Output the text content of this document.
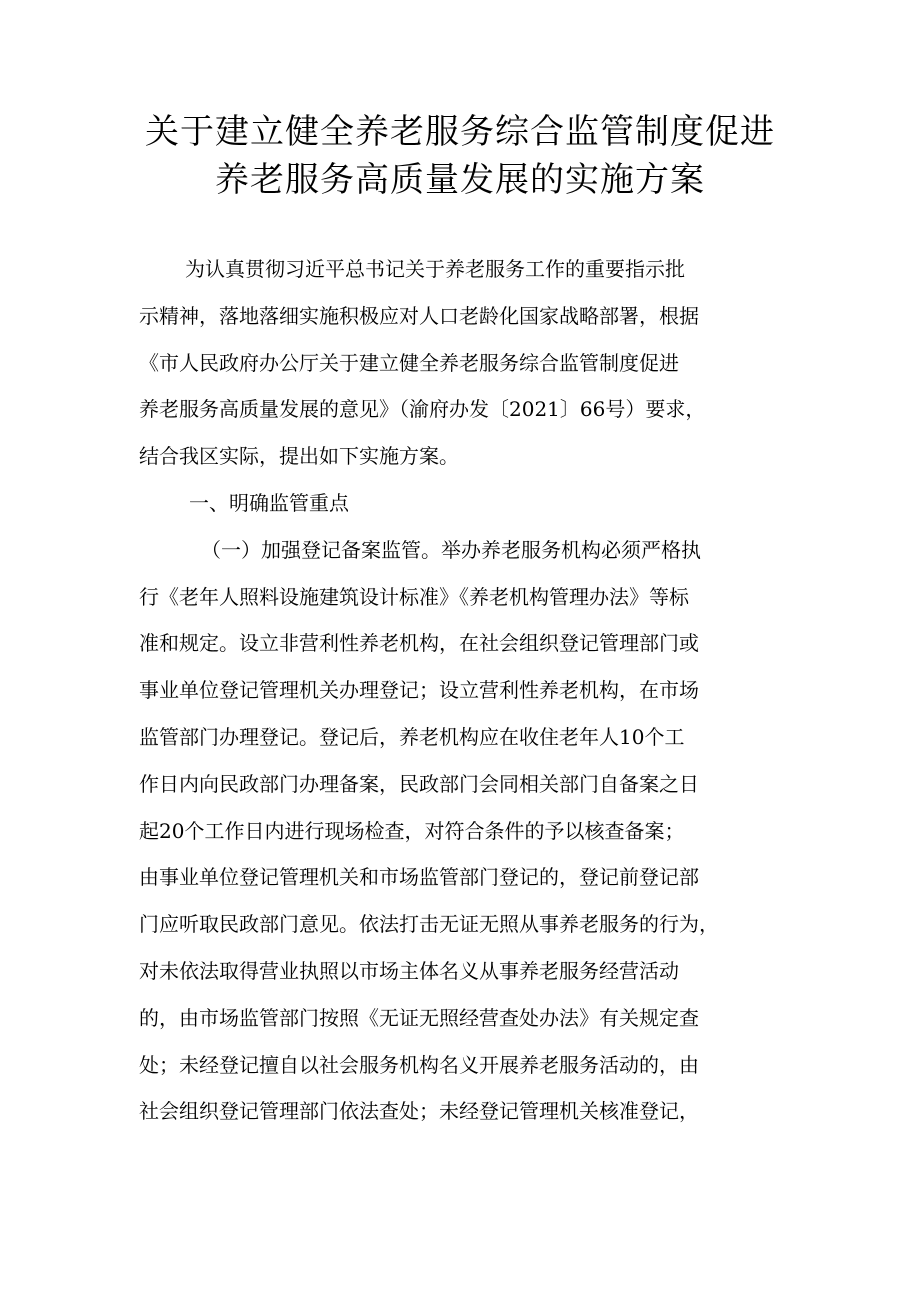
关于建立健全养老服务综合监管制度促进
养老服务高质量发展的实施方案
为认真贯彻习近平总书记关于养老服务工作的重要指示批
示精神，落地落细实施积极应对人口老龄化国家战略部署，根据
《市人民政府办公厅关于建立健全养老服务综合监管制度促进
养老服务高质量发展的意见》（渝府办发〔2021〕66号）要求，
结合我区实际，提出如下实施方案。
一、明确监管重点
（一）加强登记备案监管。举办养老服务机构必须严格执
行《老年人照料设施建筑设计标准》《养老机构管理办法》等标
准和规定。设立非营利性养老机构，在社会组织登记管理部门或
事业单位登记管理机关办理登记；设立营利性养老机构，在市场
监管部门办理登记。登记后，养老机构应在收住老年人10个工
作日内向民政部门办理备案，民政部门会同相关部门自备案之日
起20个工作日内进行现场检查，对符合条件的予以核查备案；
由事业单位登记管理机关和市场监管部门登记的，登记前登记部
门应听取民政部门意见。依法打击无证无照从事养老服务的行为，
对未依法取得营业执照以市场主体名义从事养老服务经营活动
的，由市场监管部门按照《无证无照经营查处办法》有关规定查
处；未经登记擅自以社会服务机构名义开展养老服务活动的，由
社会组织登记管理部门依法查处；未经登记管理机关核准登记，
